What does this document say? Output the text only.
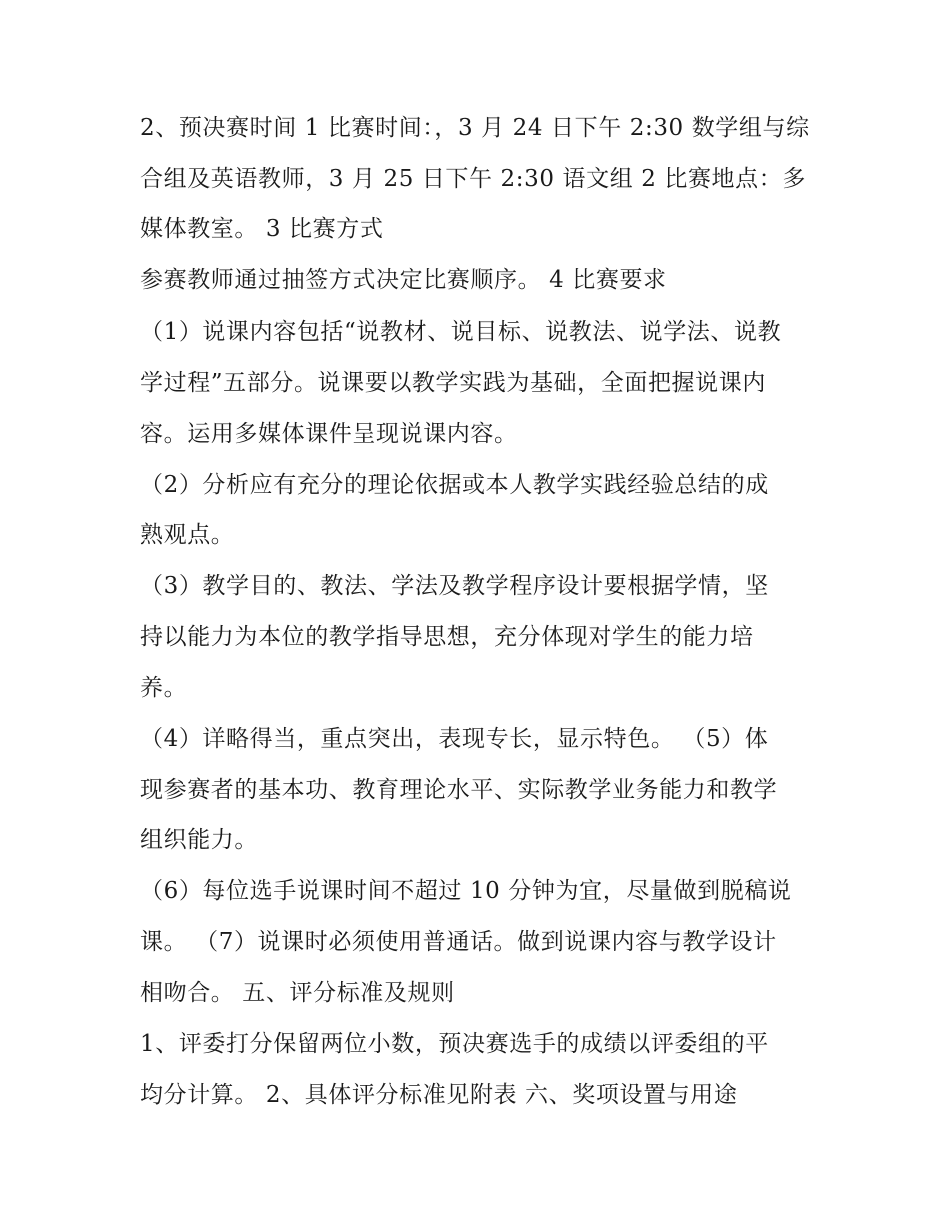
2、预决赛时间 1 比赛时间：，3 月 24 日下午 2:30 数学组与综
合组及英语教师，3 月 25 日下午 2:30 语文组 2 比赛地点：多
媒体教室。 3 比赛方式
参赛教师通过抽签方式决定比赛顺序。 4 比赛要求
（1）说课内容包括“说教材、说目标、说教法、说学法、说教
学过程”五部分。说课要以教学实践为基础，全面把握说课内
容。运用多媒体课件呈现说课内容。
（2）分析应有充分的理论依据或本人教学实践经验总结的成
熟观点。
（3）教学目的、教法、学法及教学程序设计要根据学情，坚
持以能力为本位的教学指导思想，充分体现对学生的能力培
养。
（4）详略得当，重点突出，表现专长，显示特色。 （5）体
现参赛者的基本功、教育理论水平、实际教学业务能力和教学
组织能力。
（6）每位选手说课时间不超过 10 分钟为宜，尽量做到脱稿说
课。 （7）说课时必须使用普通话。做到说课内容与教学设计
相吻合。 五、评分标准及规则
1、评委打分保留两位小数，预决赛选手的成绩以评委组的平
均分计算。 2、具体评分标准见附表 六、奖项设置与用途
